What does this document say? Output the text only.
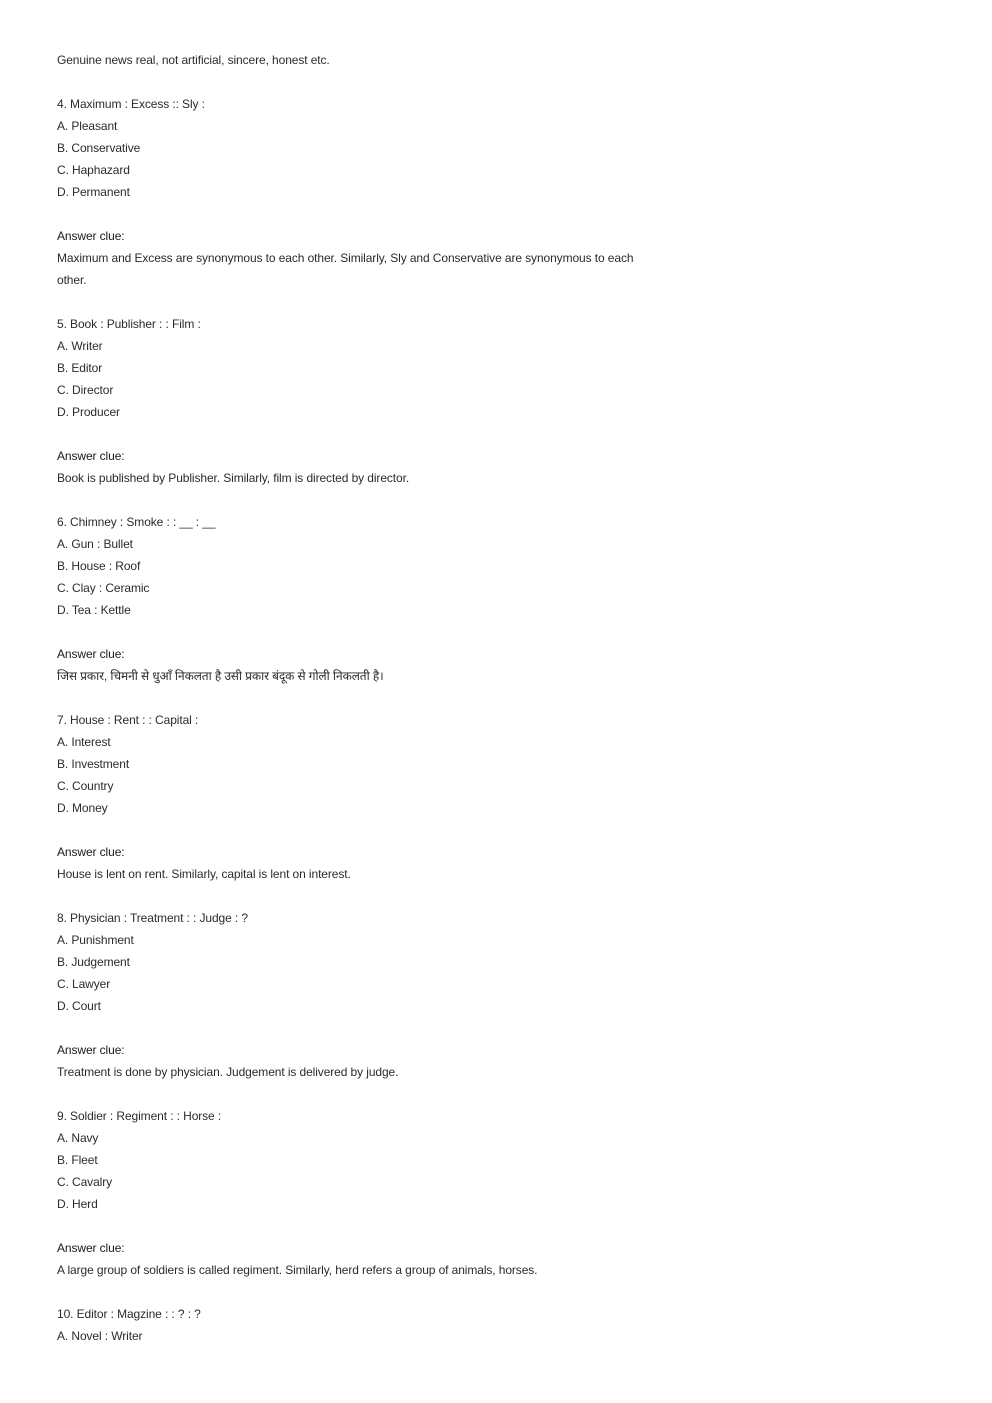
Genuine news real, not artificial, sincere, honest etc.
4. Maximum : Excess :: Sly :
A. Pleasant
B. Conservative
C. Haphazard
D. Permanent
Answer clue:
Maximum and Excess are synonymous to each other. Similarly, Sly and Conservative are synonymous to each
other.
5. Book : Publisher : : Film :
A. Writer
B. Editor
C. Director
D. Producer
Answer clue:
Book is published by Publisher. Similarly, film is directed by director.
6. Chimney : Smoke : : __ : __
A. Gun : Bullet
B. House : Roof
C. Clay : Ceramic
D. Tea : Kettle
Answer clue:
जिस प्रकार, चिमनी से धुआँ निकलता है उसी प्रकार बंदूक से गोली निकलती है।
7. House : Rent : : Capital :
A. Interest
B. Investment
C. Country
D. Money
Answer clue:
House is lent on rent. Similarly, capital is lent on interest.
8. Physician : Treatment : : Judge : ?
A. Punishment
B. Judgement
C. Lawyer
D. Court
Answer clue:
Treatment is done by physician. Judgement is delivered by judge.
9. Soldier : Regiment : : Horse :
A. Navy
B. Fleet
C. Cavalry
D. Herd
Answer clue:
A large group of soldiers is called regiment. Similarly, herd refers a group of animals, horses.
10. Editor : Magzine : : ? : ?
A. Novel : Writer
